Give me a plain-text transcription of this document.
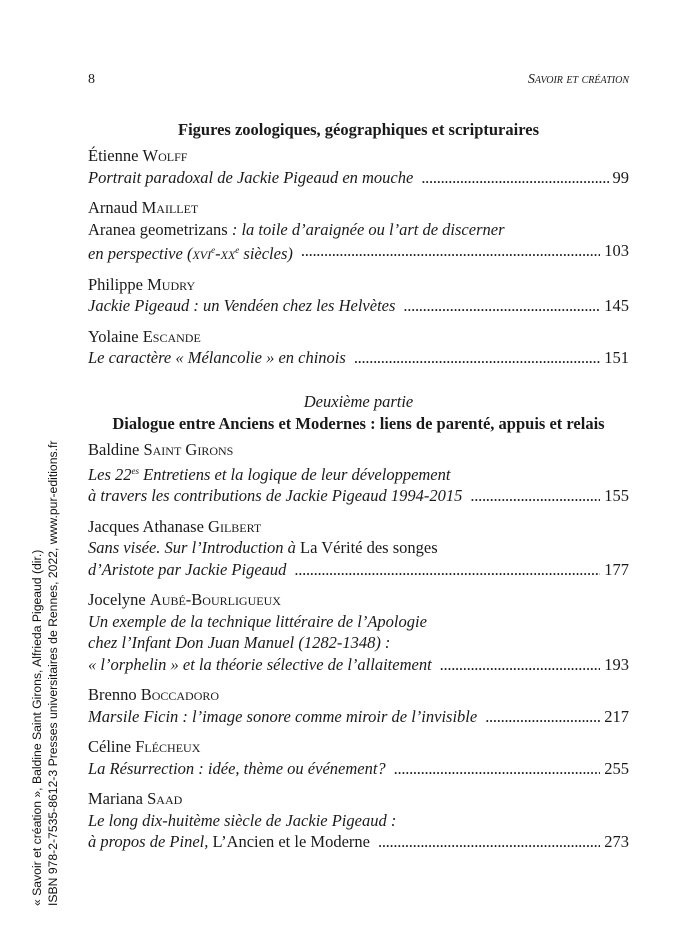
8	Savoir et création
Figures zoologiques, géographiques et scripturaires
Étienne Wolff
Portrait paradoxal de Jackie Pigeaud en mouche . . .	99
Arnaud Maillet
Aranea geometrizans : la toile d’araignée ou l’art de discerner
en perspective ($xvi^e-xx^e$ siècles) . . .	103
Philippe Mudry
Jackie Pigeaud : un Vendéen chez les Helvètes . . .	145
Yolaine Escande
Le caractère « Mélancolie » en chinois . . .	151
Deuxième partie
Dialogue entre Anciens et Modernes : liens de parenté, appuis et relais
Baldine Saint Girons
Les $22^{es}$ Entretiens et la logique de leur développement
à travers les contributions de Jackie Pigeaud 1994-2015 . . .	155
Jacques Athanase Gilbert
Sans visée. Sur l’Introduction à La Vérité des songes
d’Aristote par Jackie Pigeaud . . .	177
Jocelyne Aubé-Bourligueux
Un exemple de la technique littéraire de l’Apologie
chez l’Infant Don Juan Manuel (1282-1348) :
« l’orphelin » et la théorie sélective de l’allaitement . . .	193
Brenno Boccadoro
Marsile Ficin : l’image sonore comme miroir de l’invisible . . .	217
Céline Flécheux
La Résurrection : idée, thème ou événement? . . .	255
Mariana Saad
Le long dix-huitème siècle de Jackie Pigeaud :
à propos de Pinel, L’Ancien et le Moderne . . .	273
« Savoir et création », Baldine Saint Girons, Alfrieda Pigeaud (dir.) ISBN 978-2-7535-8612-3 Presses universitaires de Rennes, 2022, www.pur-editions.fr
